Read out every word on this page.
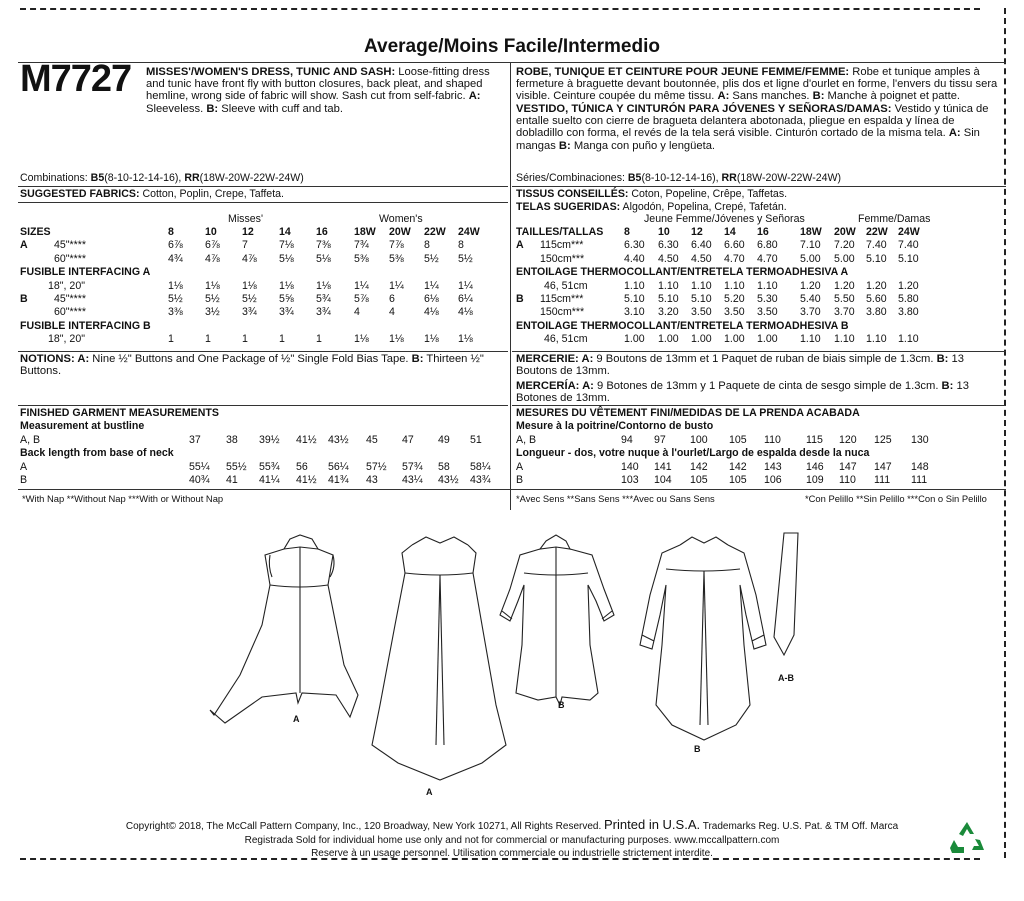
Average/Moins Facile/Intermedio
M7727 MISSES'/WOMEN'S DRESS, TUNIC AND SASH: Loose-fitting dress and tunic have front fly with button closures, back pleat, and shaped hemline, wrong side of fabric will show. Sash cut from self-fabric. A: Sleeveless. B: Sleeve with cuff and tab.
ROBE, TUNIQUE ET CEINTURE POUR JEUNE FEMME/FEMME: Robe et tunique amples à fermeture à braguette devant boutonnée, plis dos et ligne d'ourlet en forme, l'envers du tissu sera visible. Ceinture coupée du même tissu. A: Sans manches. B: Manche à poignet et patte.
VESTIDO, TÚNICA Y CINTURÓN PARA JÓVENES Y SEÑORAS/DAMAS: Vestido y túnica de entalle suelto con cierre de bragueta delantera abotonada, pliegue en espalda y línea de dobladillo con forma, el revés de la tela será visible. Cinturón cortado de la misma tela. A: Sin mangas B: Manga con puño y lengüeta.
Combinations: B5(8-10-12-14-16), RR(18W-20W-22W-24W)
SUGGESTED FABRICS: Cotton, Poplin, Crepe, Taffeta.
Séries/Combinaciones: B5(8-10-12-14-16), RR(18W-20W-22W-24W)
TISSUS CONSEILLÉS: Coton, Popeline, Crêpe, Taffetas.
TELAS SUGERIDAS: Algodón, Popelina, Crepé, Tafetán.
Misses'	Women's	Jeune Femme/Jóvenes y Señoras	Femme/Damas
SIZES	8	10 12 14 16 18W 20W 22W 24W
A 45"****	6⅞ 6⅞ 7	7⅛ 7⅜ 7¾ 7⅞ 8	8
60"****	4¾ 4⅞ 4⅞ 5⅛ 5⅛ 5⅜ 5⅜ 5½ 5½
FUSIBLE INTERFACING A
18", 20"	1⅛ 1⅛ 1⅛ 1⅛ 1⅛ 1¼ 1¼ 1¼ 1¼
B 45"****	5½ 5½ 5½ 5⅝ 5¾ 5⅞ 6	6⅛ 6¼
60"****	3⅜ 3½ 3¾ 3¾ 3¾ 4	4	4⅛ 4⅛
FUSIBLE INTERFACING B
18", 20"	1	1	1	1	1	1⅛ 1⅛ 1⅛ 1⅛
TAILLES/TALLAS 8	10 12 14 16	18W 20W 22W 24W
A 115cm***	6.30 6.30 6.40 6.60 6.80 7.10 7.20 7.40 7.40
150cm***	4.40 4.50 4.50 4.70 4.70 5.00 5.00 5.10 5.10
ENTOILAGE THERMOCOLLANT/ENTRETELA TERMOADHESIVA A
46, 51cm	1.10 1.10 1.10 1.10 1.10 1.20 1.20 1.20 1.20
B 115cm***	5.10 5.10 5.10 5.20 5.30 5.40 5.50 5.60 5.80
150cm***	3.10 3.20 3.50 3.50 3.50 3.70 3.70 3.80 3.80
ENTOILAGE THERMOCOLLANT/ENTRETELA TERMOADHESIVA B
46, 51cm	1.00 1.00 1.00 1.00 1.00 1.10 1.10 1.10 1.10
NOTIONS: A: Nine ½" Buttons and One Package of ½" Single Fold Bias Tape. B: Thirteen ½" Buttons.
MERCERIE: A: 9 Boutons de 13mm et 1 Paquet de ruban de biais simple de 1.3cm. B: 13 Boutons de 13mm.
MERCERÍA: A: 9 Botones de 13mm y 1 Paquete de cinta de sesgo simple de 1.3cm. B: 13 Botones de 13mm.
FINISHED GARMENT MEASUREMENTS
Measurement at bustline
Back length from base of neck
MESURES DU VÊTEMENT FINI/MEDIDAS DE LA PRENDA ACABADA
Mesure à la poitrine/Contorno de busto
Longueur - dos, votre nuque à l'ourlet/Largo de espalda desde la nuca
A, B	37 38 39½ 41½ 43½ 45 47 49 51
A	55¼ 55½ 55¾ 56 56¼ 57½ 57¾ 58 58¼
B	40¾ 41 41¼ 41½ 41¾ 43 43¼ 43½ 43¾
A, B	94 97 100 105 110 115 120 125 130
A	140 141 142 142 143 146 147 147 148
B	103 104 105 105 106 109 110 111 111
*With Nap **Without Nap ***With or Without Nap	*Avec Sens **Sans Sens ***Avec ou Sans Sens	*Con Pelillo **Sin Pelillo ***Con o Sin Pelillo
A
A
B
B
A-B
Copyright© 2018, The McCall Pattern Company, Inc., 120 Broadway, New York 10271, All Rights Reserved. Printed in U.S.A. Trademarks Reg. U.S. Pat. & TM Off. Marca
Registrada Sold for individual home use only and not for commercial or manufacturing purposes. www.mccallpattern.com
Reserve à un usage personnel. Utilisation commerciale ou industrielle strictement interdite.
